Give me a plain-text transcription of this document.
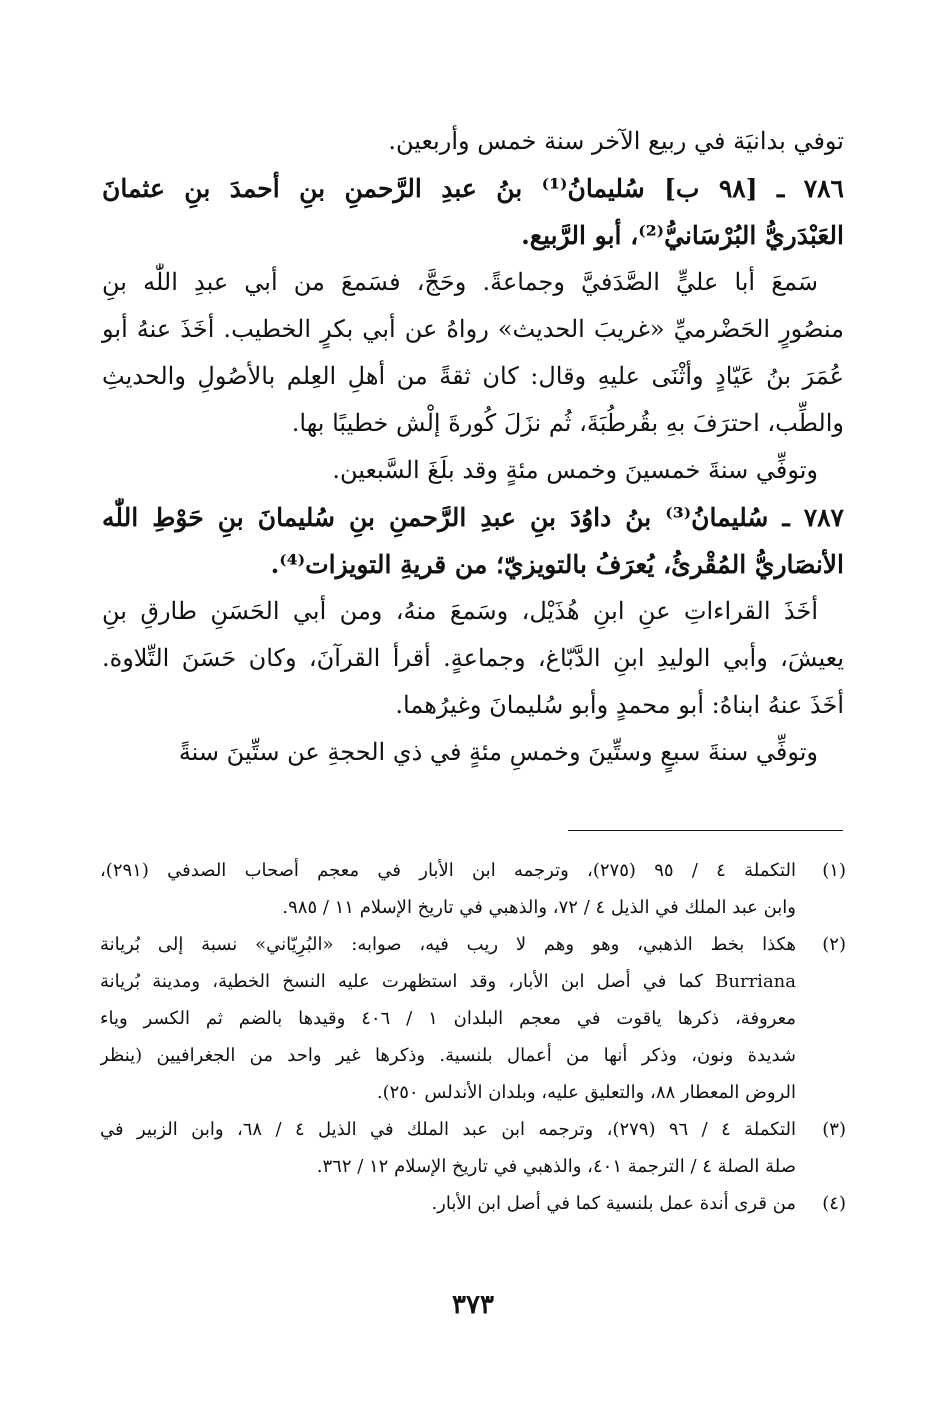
توفي بدانيَة في ربيع الآخر سنة خمس وأربعين.
٧٨٦ ـ [٩٨ ب] سُليمانُ⁽¹⁾ بنُ عبدِ الرَّحمنِ بنِ أحمدَ بنِ عثمانَ
العَبْدَريُّ البُرْسَانيُّ⁽²⁾، أبو الرَّبيع.
سَمعَ أبا عليٍّ الصَّدَفيَّ وجماعةً. وحَجَّ، فسَمعَ من أبي عبدِ اللّٰه بنِ
منصُورٍ الحَضْرميِّ «غريبَ الحديث» رواهُ عن أبي بكرٍ الخطيب. أخَذَ عنهُ أبو
عُمَرَ بنُ عَيّادٍ وأثْنَى عليهِ وقال: كان ثقةً من أهلِ العِلم بالأصُولِ والحديثِ
والطِّب، احترَفَ بهِ بقُرطُبَةَ، ثُم نزَلَ كُورةَ إلْش خطيبًا بها.
وتوفِّي سنةَ خمسينَ وخمس مئةٍ وقد بلَغَ السَّبعين.
٧٨٧ ـ سُليمانُ⁽³⁾ بنُ داوُدَ بنِ عبدِ الرَّحمنِ بنِ سُليمانَ بنِ حَوْطِ اللّٰه
الأنصَاريُّ المُقْرئُ، يُعرَفُ بالتويزيّ؛ من قريةِ التويزات⁽⁴⁾.
أخَذَ القراءاتِ عنِ ابنِ هُذَيْل، وسَمعَ منهُ، ومن أبي الحَسَنِ طارقِ بنِ
يعيشَ، وأبي الوليدِ ابنِ الدَّبّاغ، وجماعةٍ. أقرأ القرآنَ، وكان حَسَنَ التِّلاوة.
أخَذَ عنهُ ابناهُ: أبو محمدٍ وأبو سُليمانَ وغيرُهما.
وتوفِّي سنةَ سبعٍ وستِّينَ وخمسِ مئةٍ في ذي الحجةِ عن ستِّينَ سنةً
(١)
التكملة ٤ / ٩٥ (٢٧٥)، وترجمه ابن الأبار في معجم أصحاب الصدفي (٢٩١)،
وابن عبد الملك في الذيل ٤ / ٧٢، والذهبي في تاريخ الإسلام ١١ / ٩٨٥.
(٢)
هكذا بخط الذهبي، وهو وهم لا ريب فيه، صوابه: «البُرِيّاني» نسبة إلى بُريانة
Burriana كما في أصل ابن الأبار، وقد استظهرت عليه النسخ الخطية، ومدينة بُريانة
معروفة، ذكرها ياقوت في معجم البلدان ١ / ٤٠٦ وقيدها بالضم ثم الكسر وياء
شديدة ونون، وذكر أنها من أعمال بلنسية. وذكرها غير واحد من الجغرافيين (ينظر
الروض المعطار ٨٨، والتعليق عليه، وبلدان الأندلس ٢٥٠).
(٣)
التكملة ٤ / ٩٦ (٢٧٩)، وترجمه ابن عبد الملك في الذيل ٤ / ٦٨، وابن الزبير في
صلة الصلة ٤ / الترجمة ٤٠١، والذهبي في تاريخ الإسلام ١٢ / ٣٦٢.
(٤)
من قرى أندة عمل بلنسية كما في أصل ابن الأبار.
٣٧٣
